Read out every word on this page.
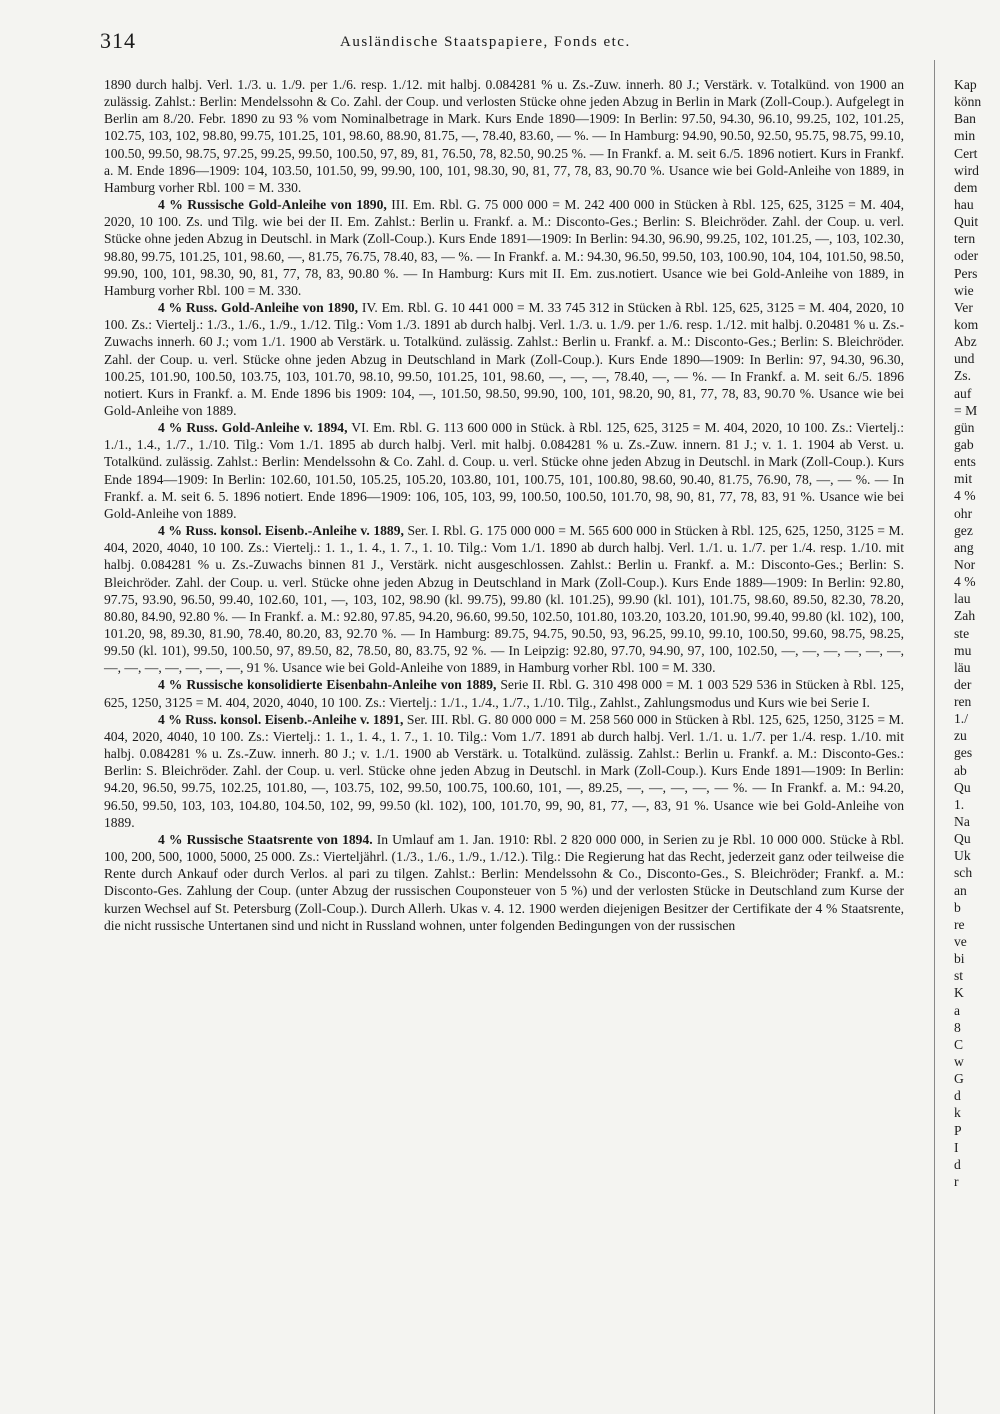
314	Ausländische Staatspapiere, Fonds etc.

1890 durch halbj. Verl. 1./3. u. 1./9. per 1./6. resp. 1./12. mit halbj. 0.084281 % u. Zs.-Zuw. innerh. 80 J.; Verstärk. v. Totalkünd. von 1900 an zulässig. Zahlst.: Berlin: Mendelssohn & Co. Zahl. der Coup. und verlosten Stücke ohne jeden Abzug in Berlin in Mark (Zoll-Coup.). Aufgelegt in Berlin am 8./20. Febr. 1890 zu 93 % vom Nominalbetrage in Mark. Kurs Ende 1890—1909: In Berlin: 97.50, 94.30, 96.10, 99.25, 102, 101.25, 102.75, 103, 102, 98.80, 99.75, 101.25, 101, 98.60, 88.90, 81.75, —, 78.40, 83.60, — %. — In Hamburg: 94.90, 90.50, 92.50, 95.75, 98.75, 99.10, 100.50, 99.50, 98.75, 97.25, 99.25, 99.50, 100.50, 97, 89, 81, 76.50, 78, 82.50, 90.25 %. — In Frankf. a. M. seit 6./5. 1896 notiert. Kurs in Frankf. a. M. Ende 1896—1909: 104, 103.50, 101.50, 99, 99.90, 100, 101, 98.30, 90, 81, 77, 78, 83, 90.70 %. Usance wie bei Gold-Anleihe von 1889, in Hamburg vorher Rbl. 100 = M. 330.

4 % Russische Gold-Anleihe von 1890, III. Em. Rbl. G. 75 000 000 = M. 242 400 000 in Stücken à Rbl. 125, 625, 3125 = M. 404, 2020, 10 100. Zs. und Tilg. wie bei der II. Em. Zahlst.: Berlin u. Frankf. a. M.: Disconto-Ges.; Berlin: S. Bleichröder. Zahl. der Coup. u. verl. Stücke ohne jeden Abzug in Deutschl. in Mark (Zoll-Coup.). Kurs Ende 1891—1909: In Berlin: 94.30, 96.90, 99.25, 102, 101.25, —, 103, 102.30, 98.80, 99.75, 101.25, 101, 98.60, —, 81.75, 76.75, 78.40, 83, — %. — In Frankf. a. M.: 94.30, 96.50, 99.50, 103, 100.90, 104, 104, 101.50, 98.50, 99.90, 100, 101, 98.30, 90, 81, 77, 78, 83, 90.80 %. — In Hamburg: Kurs mit II. Em. zus.notiert. Usance wie bei Gold-Anleihe von 1889, in Hamburg vorher Rbl. 100 = M. 330.

4 % Russ. Gold-Anleihe von 1890, IV. Em. Rbl. G. 10 441 000 = M. 33 745 312 in Stücken à Rbl. 125, 625, 3125 = M. 404, 2020, 10 100. Zs.: Viertelj.: 1./3., 1./6., 1./9., 1./12. Tilg.: Vom 1./3. 1891 ab durch halbj. Verl. 1./3. u. 1./9. per 1./6. resp. 1./12. mit halbj. 0.20481 % u. Zs.-Zuwachs innerh. 60 J.; vom 1./1. 1900 ab Verstärk. u. Totalkünd. zulässig. Zahlst.: Berlin u. Frankf. a. M.: Disconto-Ges.; Berlin: S. Bleichröder. Zahl. der Coup. u. verl. Stücke ohne jeden Abzug in Deutschland in Mark (Zoll-Coup.). Kurs Ende 1890—1909: In Berlin: 97, 94.30, 96.30, 100.25, 101.90, 100.50, 103.75, 103, 101.70, 98.10, 99.50, 101.25, 101, 98.60, —, —, —, 78.40, —, — %. — In Frankf. a. M. seit 6./5. 1896 notiert. Kurs in Frankf. a. M. Ende 1896 bis 1909: 104, —, 101.50, 98.50, 99.90, 100, 101, 98.20, 90, 81, 77, 78, 83, 90.70 %. Usance wie bei Gold-Anleihe von 1889.

4 % Russ. Gold-Anleihe v. 1894, VI. Em. Rbl. G. 113 600 000 in Stück. à Rbl. 125, 625, 3125 = M. 404, 2020, 10 100. Zs.: Viertelj.: 1./1., 1.4., 1./7., 1./10. Tilg.: Vom 1./1. 1895 ab durch halbj. Verl. mit halbj. 0.084281 % u. Zs.-Zuw. innern. 81 J.; v. 1. 1. 1904 ab Verst. u. Totalkünd. zulässig. Zahlst.: Berlin: Mendelssohn & Co. Zahl. d. Coup. u. verl. Stücke ohne jeden Abzug in Deutschl. in Mark (Zoll-Coup.). Kurs Ende 1894—1909: In Berlin: 102.60, 101.50, 105.25, 105.20, 103.80, 101, 100.75, 101, 100.80, 98.60, 90.40, 81.75, 76.90, 78, —, — %. — In Frankf. a. M. seit 6. 5. 1896 notiert. Ende 1896—1909: 106, 105, 103, 99, 100.50, 100.50, 101.70, 98, 90, 81, 77, 78, 83, 91 %. Usance wie bei Gold-Anleihe von 1889.

4 % Russ. konsol. Eisenb.-Anleihe v. 1889, Ser. I. Rbl. G. 175 000 000 = M. 565 600 000 in Stücken à Rbl. 125, 625, 1250, 3125 = M. 404, 2020, 4040, 10 100. Zs.: Viertelj.: 1. 1., 1. 4., 1. 7., 1. 10. Tilg.: Vom 1./1. 1890 ab durch halbj. Verl. 1./1. u. 1./7. per 1./4. resp. 1./10. mit halbj. 0.084281 % u. Zs.-Zuwachs binnen 81 J., Verstärk. nicht ausgeschlossen. Zahlst.: Berlin u. Frankf. a. M.: Disconto-Ges.; Berlin: S. Bleichröder. Zahl. der Coup. u. verl. Stücke ohne jeden Abzug in Deutschland in Mark (Zoll-Coup.). Kurs Ende 1889—1909: In Berlin: 92.80, 97.75, 93.90, 96.50, 99.40, 102.60, 101, —, 103, 102, 98.90 (kl. 99.75), 99.80 (kl. 101.25), 99.90 (kl. 101), 101.75, 98.60, 89.50, 82.30, 78.20, 80.80, 84.90, 92.80 %. — In Frankf. a. M.: 92.80, 97.85, 94.20, 96.60, 99.50, 102.50, 101.80, 103.20, 103.20, 101.90, 99.40, 99.80 (kl. 102), 100, 101.20, 98, 89.30, 81.90, 78.40, 80.20, 83, 92.70 %. — In Hamburg: 89.75, 94.75, 90.50, 93, 96.25, 99.10, 99.10, 100.50, 99.60, 98.75, 98.25, 99.50 (kl. 101), 99.50, 100.50, 97, 89.50, 82, 78.50, 80, 83.75, 92 %. — In Leipzig: 92.80, 97.70, 94.90, 97, 100, 102.50, —, —, —, —, —, —, —, —, —, —, —, —, —, 91 %. Usance wie bei Gold-Anleihe von 1889, in Hamburg vorher Rbl. 100 = M. 330.

4 % Russische konsolidierte Eisenbahn-Anleihe von 1889, Serie II. Rbl. G. 310 498 000 = M. 1 003 529 536 in Stücken à Rbl. 125, 625, 1250, 3125 = M. 404, 2020, 4040, 10 100. Zs.: Viertelj.: 1./1., 1./4., 1./7., 1./10. Tilg., Zahlst., Zahlungsmodus und Kurs wie bei Serie I.

4 % Russ. konsol. Eisenb.-Anleihe v. 1891, Ser. III. Rbl. G. 80 000 000 = M. 258 560 000 in Stücken à Rbl. 125, 625, 1250, 3125 = M. 404, 2020, 4040, 10 100. Zs.: Viertelj.: 1. 1., 1. 4., 1. 7., 1. 10. Tilg.: Vom 1./7. 1891 ab durch halbj. Verl. 1./1. u. 1./7. per 1./4. resp. 1./10. mit halbj. 0.084281 % u. Zs.-Zuw. innerh. 80 J.; v. 1./1. 1900 ab Verstärk. u. Totalkünd. zulässig. Zahlst.: Berlin u. Frankf. a. M.: Disconto-Ges.: Berlin: S. Bleichröder. Zahl. der Coup. u. verl. Stücke ohne jeden Abzug in Deutschl. in Mark (Zoll-Coup.). Kurs Ende 1891—1909: In Berlin: 94.20, 96.50, 99.75, 102.25, 101.80, —, 103.75, 102, 99.50, 100.75, 100.60, 101, —, 89.25, —, —, —, —, — %. — In Frankf. a. M.: 94.20, 96.50, 99.50, 103, 103, 104.80, 104.50, 102, 99, 99.50 (kl. 102), 100, 101.70, 99, 90, 81, 77, —, 83, 91 %. Usance wie bei Gold-Anleihe von 1889.

4 % Russische Staatsrente von 1894. In Umlauf am 1. Jan. 1910: Rbl. 2 820 000 000, in Serien zu je Rbl. 10 000 000. Stücke à Rbl. 100, 200, 500, 1000, 5000, 25 000. Zs.: Vierteljährl. (1./3., 1./6., 1./9., 1./12.). Tilg.: Die Regierung hat das Recht, jederzeit ganz oder teilweise die Rente durch Ankauf oder durch Verlos. al pari zu tilgen. Zahlst.: Berlin: Mendelssohn & Co., Disconto-Ges., S. Bleichröder; Frankf. a. M.: Disconto-Ges. Zahlung der Coup. (unter Abzug der russischen Couponsteuer von 5 %) und der verlosten Stücke in Deutschland zum Kurse der kurzen Wechsel auf St. Petersburg (Zoll-Coup.). Durch Allerh. Ukas v. 4. 12. 1900 werden diejenigen Besitzer der Certifikate der 4 % Staatsrente, die nicht russische Untertanen sind und nicht in Russland wohnen, unter folgenden Bedingungen von der russischen

Kap
könn
Ban
min
Cert
wird
dem
hau
Quit
tern
oder
Pers
wie
Ver
kom
Abz
und
Zs.
auf
= M
gün
gab
ents
mit
4 %
ohr
gez
ang
Nor
4 %
lau
Zah
ste
mu
läu
der
ren
1./
zu
ges
ab
Qu
1.
Na
Qu
Uk
sch
an
b
re
ve
bi
st
K
a
8
C
w
G
d
k
P
I
d
r
